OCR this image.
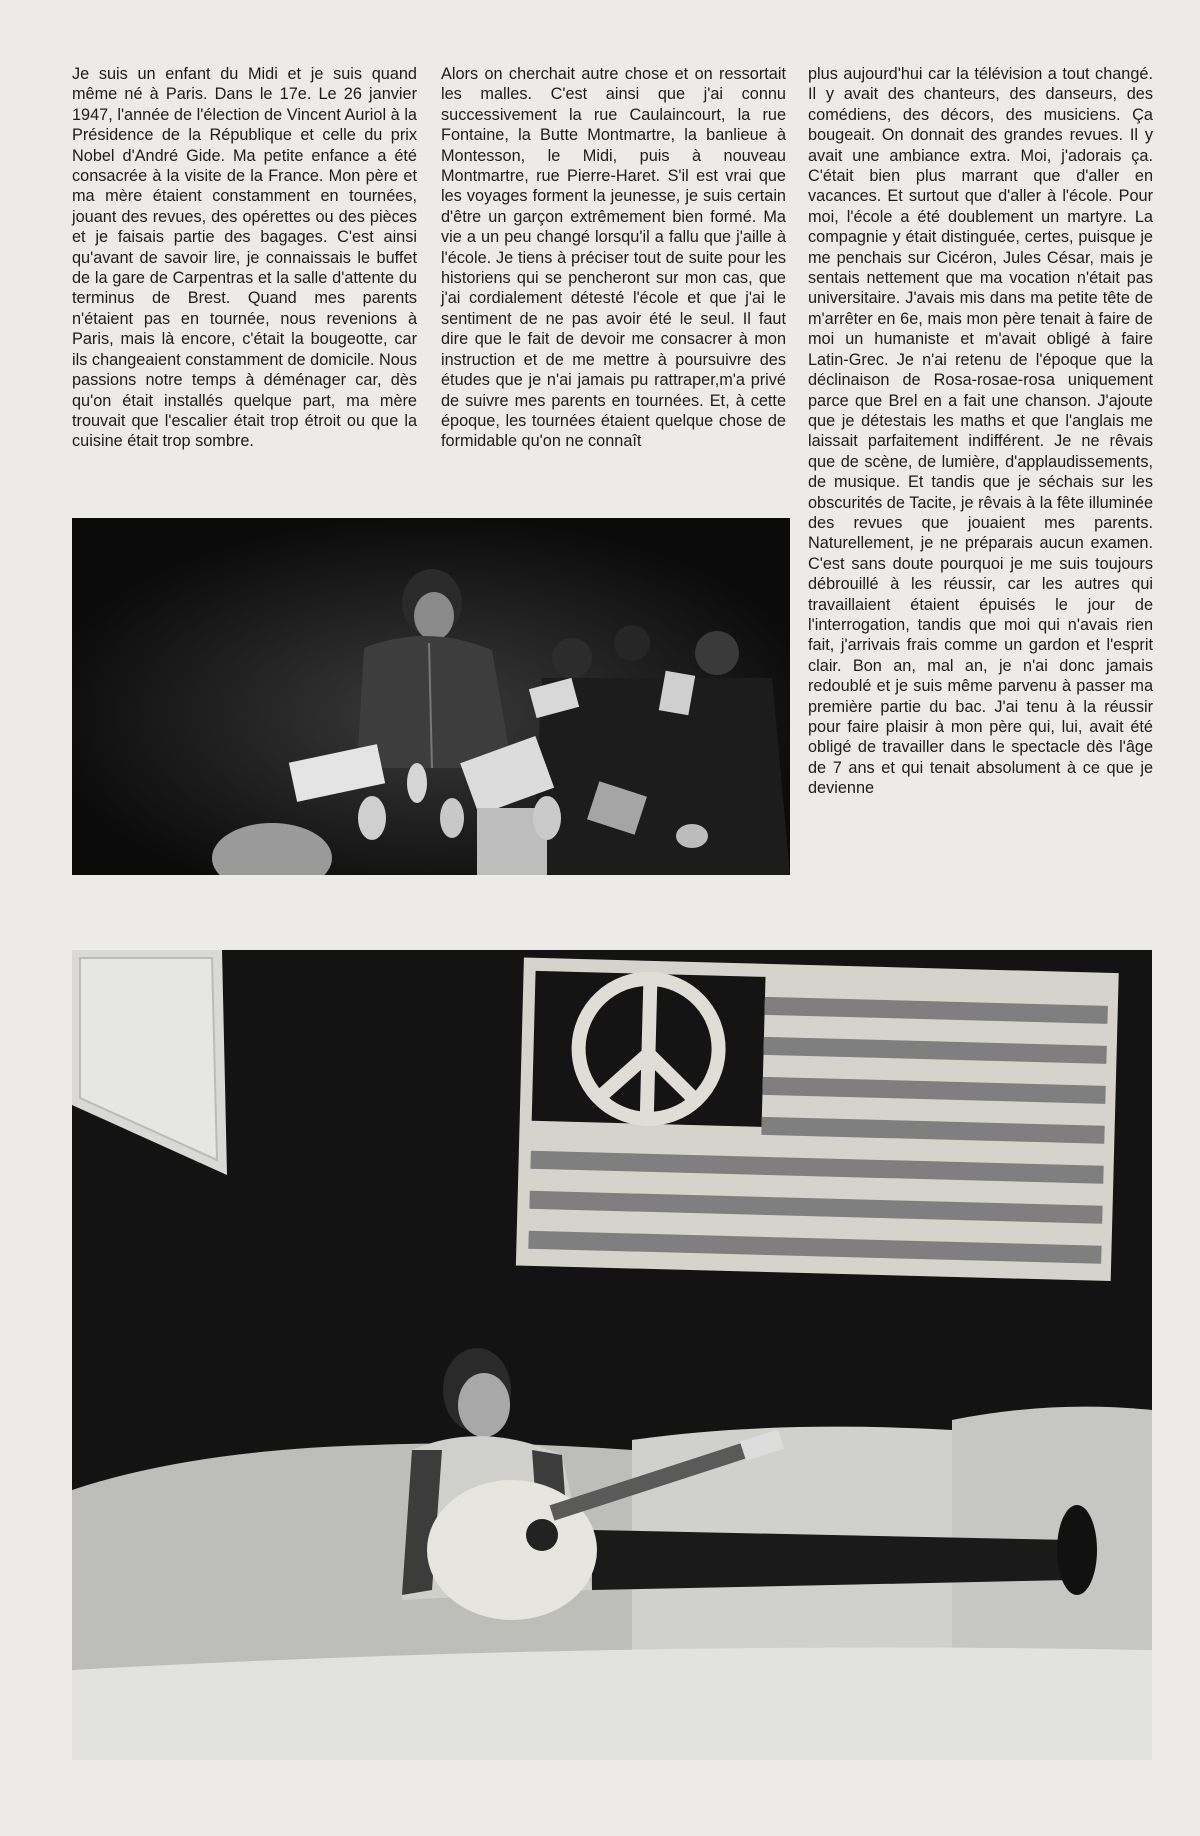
Je suis un enfant du Midi et je suis quand même né à Paris. Dans le 17e. Le 26 janvier 1947, l'année de l'élection de Vincent Auriol à la Présidence de la République et celle du prix Nobel d'André Gide. Ma petite enfance a été consacrée à la visite de la France. Mon père et ma mère étaient constamment en tournées, jouant des revues, des opérettes ou des pièces et je faisais partie des bagages. C'est ainsi qu'avant de savoir lire, je connaissais le buffet de la gare de Carpentras et la salle d'attente du terminus de Brest. Quand mes parents n'étaient pas en tournée, nous revenions à Paris, mais là encore, c'était la bougeotte, car ils changeaient constamment de domicile. Nous passions notre temps à déménager car, dès qu'on était installés quelque part, ma mère trouvait que l'escalier était trop étroit ou que la cuisine était trop sombre.

Alors on cherchait autre chose et on ressortait les malles. C'est ainsi que j'ai connu successivement la rue Caulaincourt, la rue Fontaine, la Butte Montmartre, la banlieue à Montesson, le Midi, puis à nouveau Montmartre, rue Pierre-Haret. S'il est vrai que les voyages forment la jeunesse, je suis certain d'être un garçon extrêmement bien formé. Ma vie a un peu changé lorsqu'il a fallu que j'aille à l'école. Je tiens à préciser tout de suite pour les historiens qui se pencheront sur mon cas, que j'ai cordialement détesté l'école et que j'ai le sentiment de ne pas avoir été le seul. Il faut dire que le fait de devoir me consacrer à mon instruction et de me mettre à poursuivre des études que je n'ai jamais pu rattraper,m'a privé de suivre mes parents en tournées. Et, à cette époque, les tournées étaient quelque chose de formidable qu'on ne connaît

plus aujourd'hui car la télévision a tout changé. Il y avait des chanteurs, des danseurs, des comédiens, des décors, des musiciens. Ça bougeait. On donnait des grandes revues. Il y avait une ambiance extra. Moi, j'adorais ça. C'était bien plus marrant que d'aller en vacances. Et surtout que d'aller à l'école. Pour moi, l'école a été doublement un martyre. La compagnie y était distinguée, certes, puisque je me penchais sur Cicéron, Jules César, mais je sentais nettement que ma vocation n'était pas universitaire. J'avais mis dans ma petite tête de m'arrêter en 6e, mais mon père tenait à faire de moi un humaniste et m'avait obligé à faire Latin-Grec. Je n'ai retenu de l'époque que la déclinaison de Rosa-rosae-rosa uniquement parce que Brel en a fait une chanson. J'ajoute que je détestais les maths et que l'anglais me laissait parfaitement indifférent. Je ne rêvais que de scène, de lumière, d'applaudissements, de musique. Et tandis que je séchais sur les obscurités de Tacite, je rêvais à la fête illuminée des revues que jouaient mes parents. Naturellement, je ne préparais aucun examen. C'est sans doute pourquoi je me suis toujours débrouillé à les réussir, car les autres qui travaillaient étaient épuisés le jour de l'interrogation, tandis que moi qui n'avais rien fait, j'arrivais frais comme un gardon et l'esprit clair. Bon an, mal an, je n'ai donc jamais redoublé et je suis même parvenu à passer ma première partie du bac. J'ai tenu à la réussir pour faire plaisir à mon père qui, lui, avait été obligé de travailler dans le spectacle dès l'âge de 7 ans et qui tenait absolument à ce que je devienne
